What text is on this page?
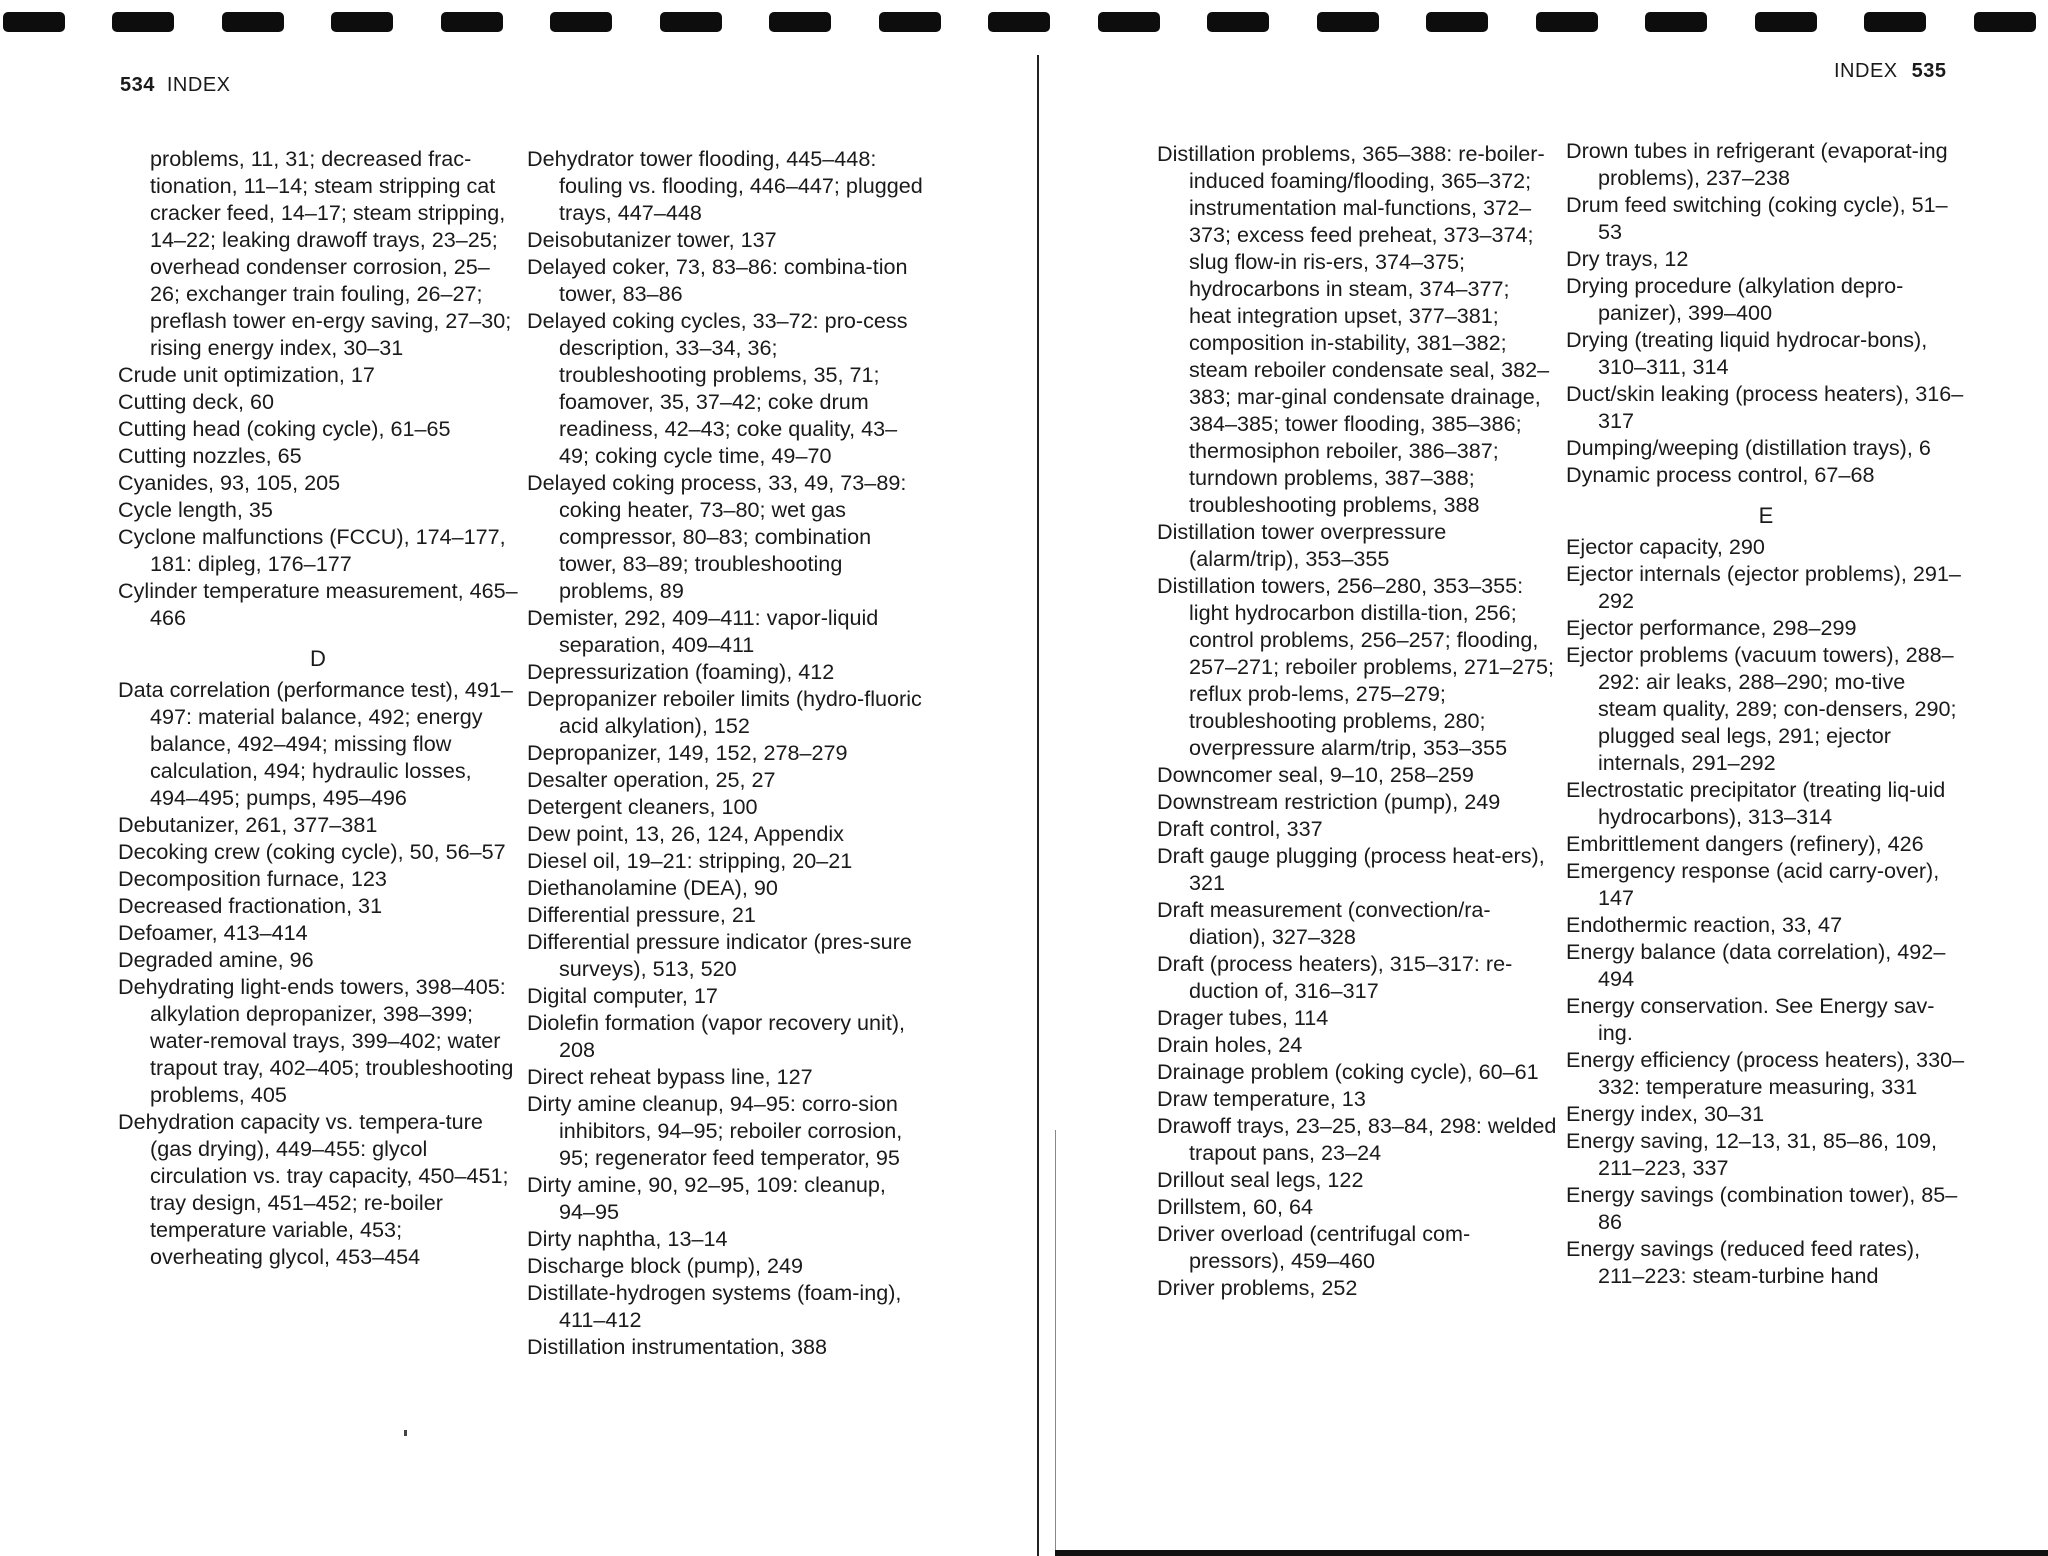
534 INDEX
INDEX 535
problems, 11, 31; decreased frac-tionation, 11–14; steam stripping cat cracker feed, 14–17; steam stripping, 14–22; leaking drawoff trays, 23–25; overhead condenser corrosion, 25–26; exchanger train fouling, 26–27; preflash tower en-ergy saving, 27–30; rising energy index, 30–31
Crude unit optimization, 17
Cutting deck, 60
Cutting head (coking cycle), 61–65
Cutting nozzles, 65
Cyanides, 93, 105, 205
Cycle length, 35
Cyclone malfunctions (FCCU), 174–177, 181: dipleg, 176–177
Cylinder temperature measurement, 465–466
D
Data correlation (performance test), 491–497: material balance, 492; energy balance, 492–494; missing flow calculation, 494; hydraulic losses, 494–495; pumps, 495–496
Debutanizer, 261, 377–381
Decoking crew (coking cycle), 50, 56–57
Decomposition furnace, 123
Decreased fractionation, 31
Defoamer, 413–414
Degraded amine, 96
Dehydrating light-ends towers, 398–405: alkylation depropanizer, 398–399; water-removal trays, 399–402; water trapout tray, 402–405; troubleshooting problems, 405
Dehydration capacity vs. tempera-ture (gas drying), 449–455: glycol circulation vs. tray capacity, 450–451; tray design, 451–452; re-boiler temperature variable, 453; overheating glycol, 453–454
Dehydrator tower flooding, 445–448: fouling vs. flooding, 446–447; plugged trays, 447–448
Deisobutanizer tower, 137
Delayed coker, 73, 83–86: combina-tion tower, 83–86
Delayed coking cycles, 33–72: pro-cess description, 33–34, 36; troubleshooting problems, 35, 71; foamover, 35, 37–42; coke drum readiness, 42–43; coke quality, 43–49; coking cycle time, 49–70
Delayed coking process, 33, 49, 73–89: coking heater, 73–80; wet gas compressor, 80–83; combination tower, 83–89; troubleshooting problems, 89
Demister, 292, 409–411: vapor-liquid separation, 409–411
Depressurization (foaming), 412
Depropanizer reboiler limits (hydro-fluoric acid alkylation), 152
Depropanizer, 149, 152, 278–279
Desalter operation, 25, 27
Detergent cleaners, 100
Dew point, 13, 26, 124, Appendix
Diesel oil, 19–21: stripping, 20–21
Diethanolamine (DEA), 90
Differential pressure, 21
Differential pressure indicator (pres-sure surveys), 513, 520
Digital computer, 17
Diolefin formation (vapor recovery unit), 208
Direct reheat bypass line, 127
Dirty amine cleanup, 94–95: corro-sion inhibitors, 94–95; reboiler corrosion, 95; regenerator feed temperator, 95
Dirty amine, 90, 92–95, 109: cleanup, 94–95
Dirty naphtha, 13–14
Discharge block (pump), 249
Distillate-hydrogen systems (foam-ing), 411–412
Distillation instrumentation, 388
Distillation problems, 365–388: re-boiler-induced foaming/flooding, 365–372; instrumentation mal-functions, 372–373; excess feed preheat, 373–374; slug flow-in ris-ers, 374–375; hydrocarbons in steam, 374–377; heat integration upset, 377–381; composition in-stability, 381–382; steam reboiler condensate seal, 382–383; mar-ginal condensate drainage, 384–385; tower flooding, 385–386; thermosiphon reboiler, 386–387; turndown problems, 387–388; troubleshooting problems, 388
Distillation tower overpressure (alarm/trip), 353–355
Distillation towers, 256–280, 353–355: light hydrocarbon distilla-tion, 256; control problems, 256–257; flooding, 257–271; reboiler problems, 271–275; reflux prob-lems, 275–279; troubleshooting problems, 280; overpressure alarm/trip, 353–355
Downcomer seal, 9–10, 258–259
Downstream restriction (pump), 249
Draft control, 337
Draft gauge plugging (process heat-ers), 321
Draft measurement (convection/ra-diation), 327–328
Draft (process heaters), 315–317: re-duction of, 316–317
Drager tubes, 114
Drain holes, 24
Drainage problem (coking cycle), 60–61
Draw temperature, 13
Drawoff trays, 23–25, 83–84, 298: welded trapout pans, 23–24
Drillout seal legs, 122
Drillstem, 60, 64
Driver overload (centrifugal com-pressors), 459–460
Driver problems, 252
Drown tubes in refrigerant (evaporat-ing problems), 237–238
Drum feed switching (coking cycle), 51–53
Dry trays, 12
Drying procedure (alkylation depro-panizer), 399–400
Drying (treating liquid hydrocar-bons), 310–311, 314
Duct/skin leaking (process heaters), 316–317
Dumping/weeping (distillation trays), 6
Dynamic process control, 67–68
E
Ejector capacity, 290
Ejector internals (ejector problems), 291–292
Ejector performance, 298–299
Ejector problems (vacuum towers), 288–292: air leaks, 288–290; mo-tive steam quality, 289; con-densers, 290; plugged seal legs, 291; ejector internals, 291–292
Electrostatic precipitator (treating liq-uid hydrocarbons), 313–314
Embrittlement dangers (refinery), 426
Emergency response (acid carry-over), 147
Endothermic reaction, 33, 47
Energy balance (data correlation), 492–494
Energy conservation. See Energy sav-ing.
Energy efficiency (process heaters), 330–332: temperature measuring, 331
Energy index, 30–31
Energy saving, 12–13, 31, 85–86, 109, 211–223, 337
Energy savings (combination tower), 85–86
Energy savings (reduced feed rates), 211–223: steam-turbine hand
